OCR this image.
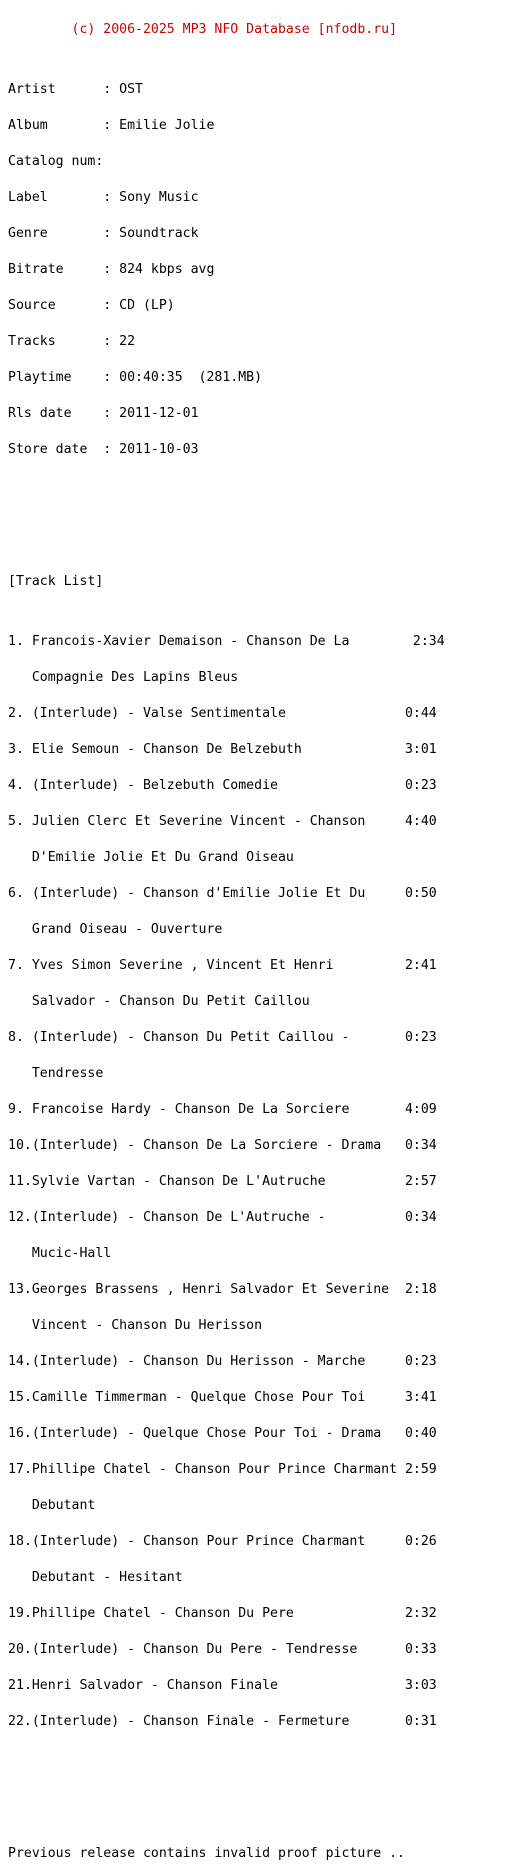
(c) 2006-2025 MP3 NFO Database [nfodb.ru]

Artist      : OST

Album       : Emilie Jolie

Catalog num:

Label       : Sony Music

Genre       : Soundtrack

Bitrate     : 824 kbps avg

Source      : CD (LP)

Tracks      : 22

Playtime    : 00:40:35  (281.MB)

Rls date    : 2011-12-01

Store date  : 2011-10-03

[Track List]

1. Francois-Xavier Demaison - Chanson De La        2:34

Compagnie Des Lapins Bleus

2. (Interlude) - Valse Sentimentale               0:44

3. Elie Semoun - Chanson De Belzebuth             3:01

4. (Interlude) - Belzebuth Comedie                0:23

5. Julien Clerc Et Severine Vincent - Chanson     4:40

D'Emilie Jolie Et Du Grand Oiseau

6. (Interlude) - Chanson d'Emilie Jolie Et Du     0:50

Grand Oiseau - Ouverture

7. Yves Simon Severine , Vincent Et Henri         2:41

Salvador - Chanson Du Petit Caillou

8. (Interlude) - Chanson Du Petit Caillou -       0:23

Tendresse

9. Francoise Hardy - Chanson De La Sorciere       4:09

10.(Interlude) - Chanson De La Sorciere - Drama   0:34

11.Sylvie Vartan - Chanson De L'Autruche          2:57

12.(Interlude) - Chanson De L'Autruche -          0:34

Mucic-Hall

13.Georges Brassens , Henri Salvador Et Severine  2:18

Vincent - Chanson Du Herisson

14.(Interlude) - Chanson Du Herisson - Marche     0:23

15.Camille Timmerman - Quelque Chose Pour Toi     3:41

16.(Interlude) - Quelque Chose Pour Toi - Drama   0:40

17.Phillipe Chatel - Chanson Pour Prince Charmant 2:59

Debutant

18.(Interlude) - Chanson Pour Prince Charmant     0:26

Debutant - Hesitant

19.Phillipe Chatel - Chanson Du Pere              2:32

20.(Interlude) - Chanson Du Pere - Tendresse      0:33

21.Henri Salvador - Chanson Finale                3:03

22.(Interlude) - Chanson Finale - Fermeture       0:31

Previous release contains invalid proof picture ..
